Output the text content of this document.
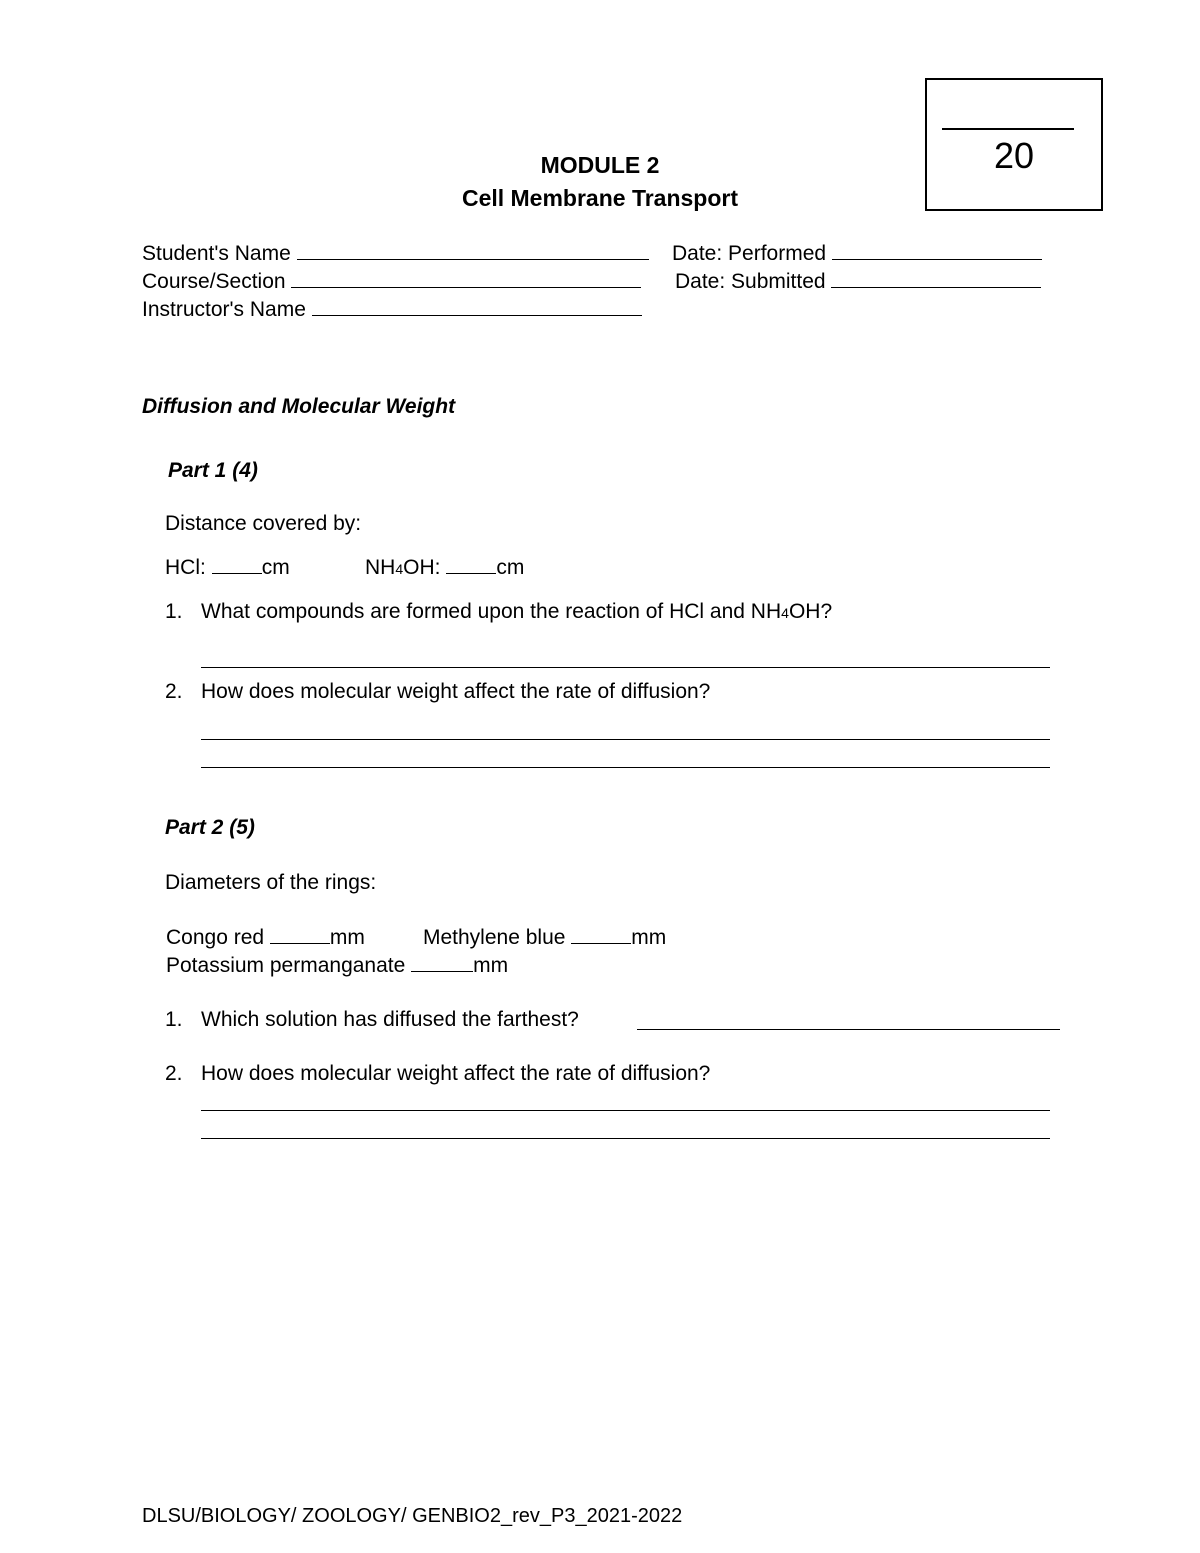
20
MODULE 2
Cell Membrane Transport
Student's Name	Date: Performed
Course/Section	Date: Submitted
Instructor's Name
Diffusion and Molecular Weight
Part 1 (4)
Distance covered by:
HCl:	cm	NH4OH:	cm
1. What compounds are formed upon the reaction of HCl and NH4OH?
2. How does molecular weight affect the rate of diffusion?
Part 2 (5)
Diameters of the rings:
Congo red	mm	Methylene blue	mm
Potassium permanganate	mm
1. Which solution has diffused the farthest?
2. How does molecular weight affect the rate of diffusion?
DLSU/BIOLOGY/ ZOOLOGY/ GENBIO2_rev_P3_2021-2022
